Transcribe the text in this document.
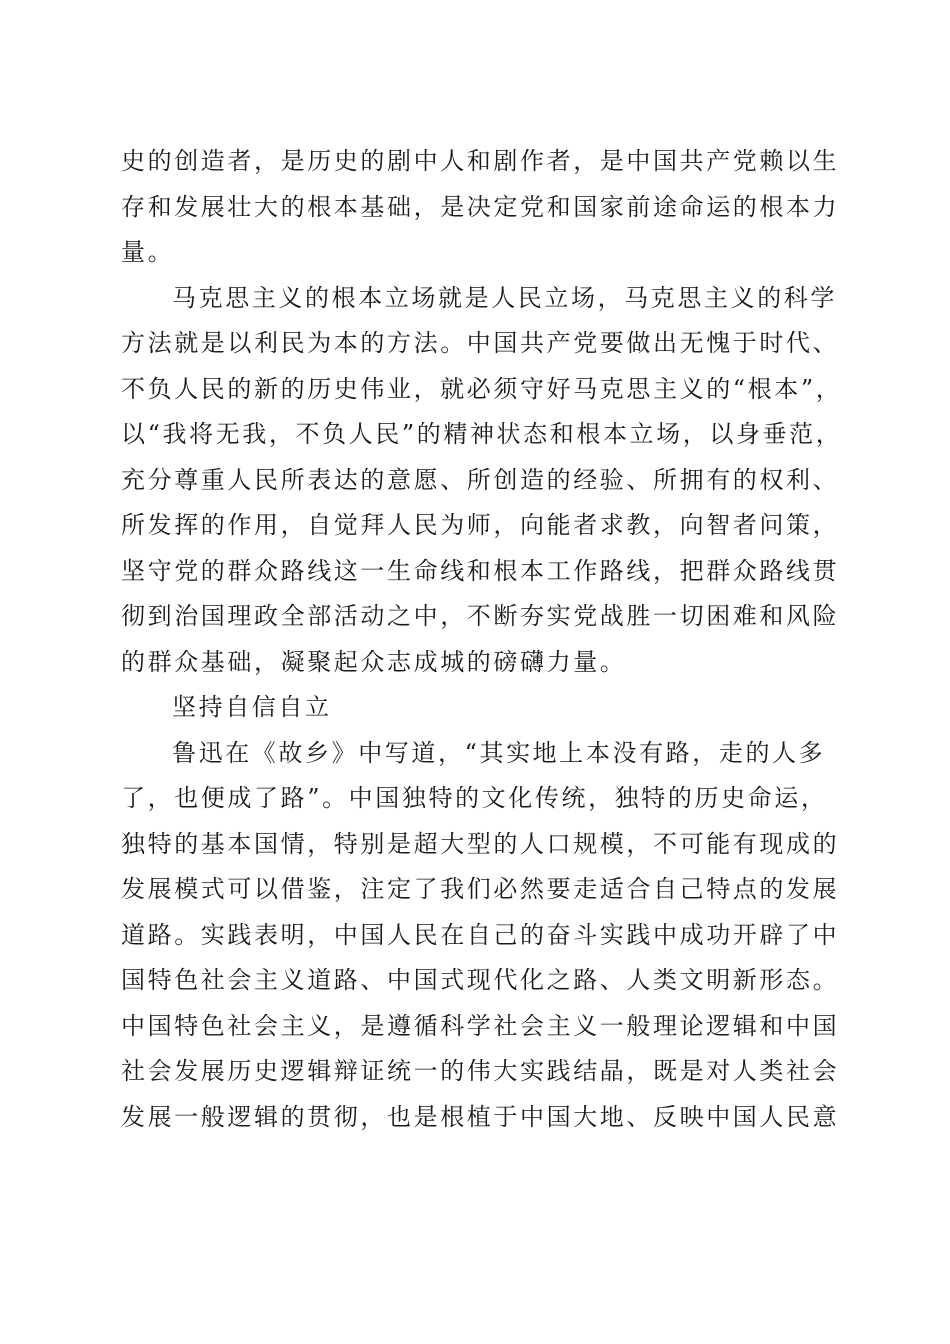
史的创造者，是历史的剧中人和剧作者，是中国共产党赖以生
存和发展壮大的根本基础，是决定党和国家前途命运的根本力
量。
马克思主义的根本立场就是人民立场，马克思主义的科学
方法就是以利民为本的方法。中国共产党要做出无愧于时代、
不负人民的新的历史伟业，就必须守好马克思主义的“根本”，
以“我将无我，不负人民”的精神状态和根本立场，以身垂范，
充分尊重人民所表达的意愿、所创造的经验、所拥有的权利、
所发挥的作用，自觉拜人民为师，向能者求教，向智者问策，
坚守党的群众路线这一生命线和根本工作路线，把群众路线贯
彻到治国理政全部活动之中，不断夯实党战胜一切困难和风险
的群众基础，凝聚起众志成城的磅礴力量。
坚持自信自立
鲁迅在《故乡》中写道，“其实地上本没有路，走的人多
了，也便成了路”。中国独特的文化传统，独特的历史命运，
独特的基本国情，特别是超大型的人口规模，不可能有现成的
发展模式可以借鉴，注定了我们必然要走适合自己特点的发展
道路。实践表明，中国人民在自己的奋斗实践中成功开辟了中
国特色社会主义道路、中国式现代化之路、人类文明新形态。
中国特色社会主义，是遵循科学社会主义一般理论逻辑和中国
社会发展历史逻辑辩证统一的伟大实践结晶，既是对人类社会
发展一般逻辑的贯彻，也是根植于中国大地、反映中国人民意
